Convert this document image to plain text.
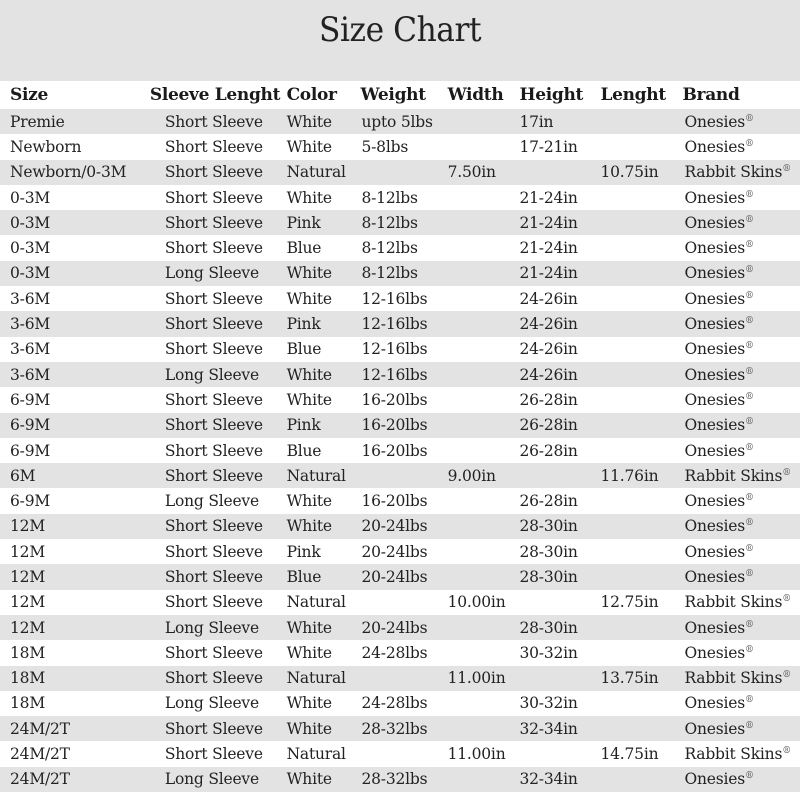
Size Chart
Size	Sleeve Lenght	Color	Weight	Width	Height	Lenght	Brand
Premie	Short Sleeve	White	upto 5lbs		17in		Onesies®
Newborn	Short Sleeve	White	5-8lbs		17-21in		Onesies®
Newborn/0-3M	Short Sleeve	Natural		7.50in		10.75in	Rabbit Skins®
0-3M	Short Sleeve	White	8-12lbs		21-24in		Onesies®
0-3M	Short Sleeve	Pink	8-12lbs		21-24in		Onesies®
0-3M	Short Sleeve	Blue	8-12lbs		21-24in		Onesies®
0-3M	Long Sleeve	White	8-12lbs		21-24in		Onesies®
3-6M	Short Sleeve	White	12-16lbs		24-26in		Onesies®
3-6M	Short Sleeve	Pink	12-16lbs		24-26in		Onesies®
3-6M	Short Sleeve	Blue	12-16lbs		24-26in		Onesies®
3-6M	Long Sleeve	White	12-16lbs		24-26in		Onesies®
6-9M	Short Sleeve	White	16-20lbs		26-28in		Onesies®
6-9M	Short Sleeve	Pink	16-20lbs		26-28in		Onesies®
6-9M	Short Sleeve	Blue	16-20lbs		26-28in		Onesies®
6M	Short Sleeve	Natural		9.00in		11.76in	Rabbit Skins®
6-9M	Long Sleeve	White	16-20lbs		26-28in		Onesies®
12M	Short Sleeve	White	20-24lbs		28-30in		Onesies®
12M	Short Sleeve	Pink	20-24lbs		28-30in		Onesies®
12M	Short Sleeve	Blue	20-24lbs		28-30in		Onesies®
12M	Short Sleeve	Natural		10.00in		12.75in	Rabbit Skins®
12M	Long Sleeve	White	20-24lbs		28-30in		Onesies®
18M	Short Sleeve	White	24-28lbs		30-32in		Onesies®
18M	Short Sleeve	Natural		11.00in		13.75in	Rabbit Skins®
18M	Long Sleeve	White	24-28lbs		30-32in		Onesies®
24M/2T	Short Sleeve	White	28-32lbs		32-34in		Onesies®
24M/2T	Short Sleeve	Natural		11.00in		14.75in	Rabbit Skins®
24M/2T	Long Sleeve	White	28-32lbs		32-34in		Onesies®
